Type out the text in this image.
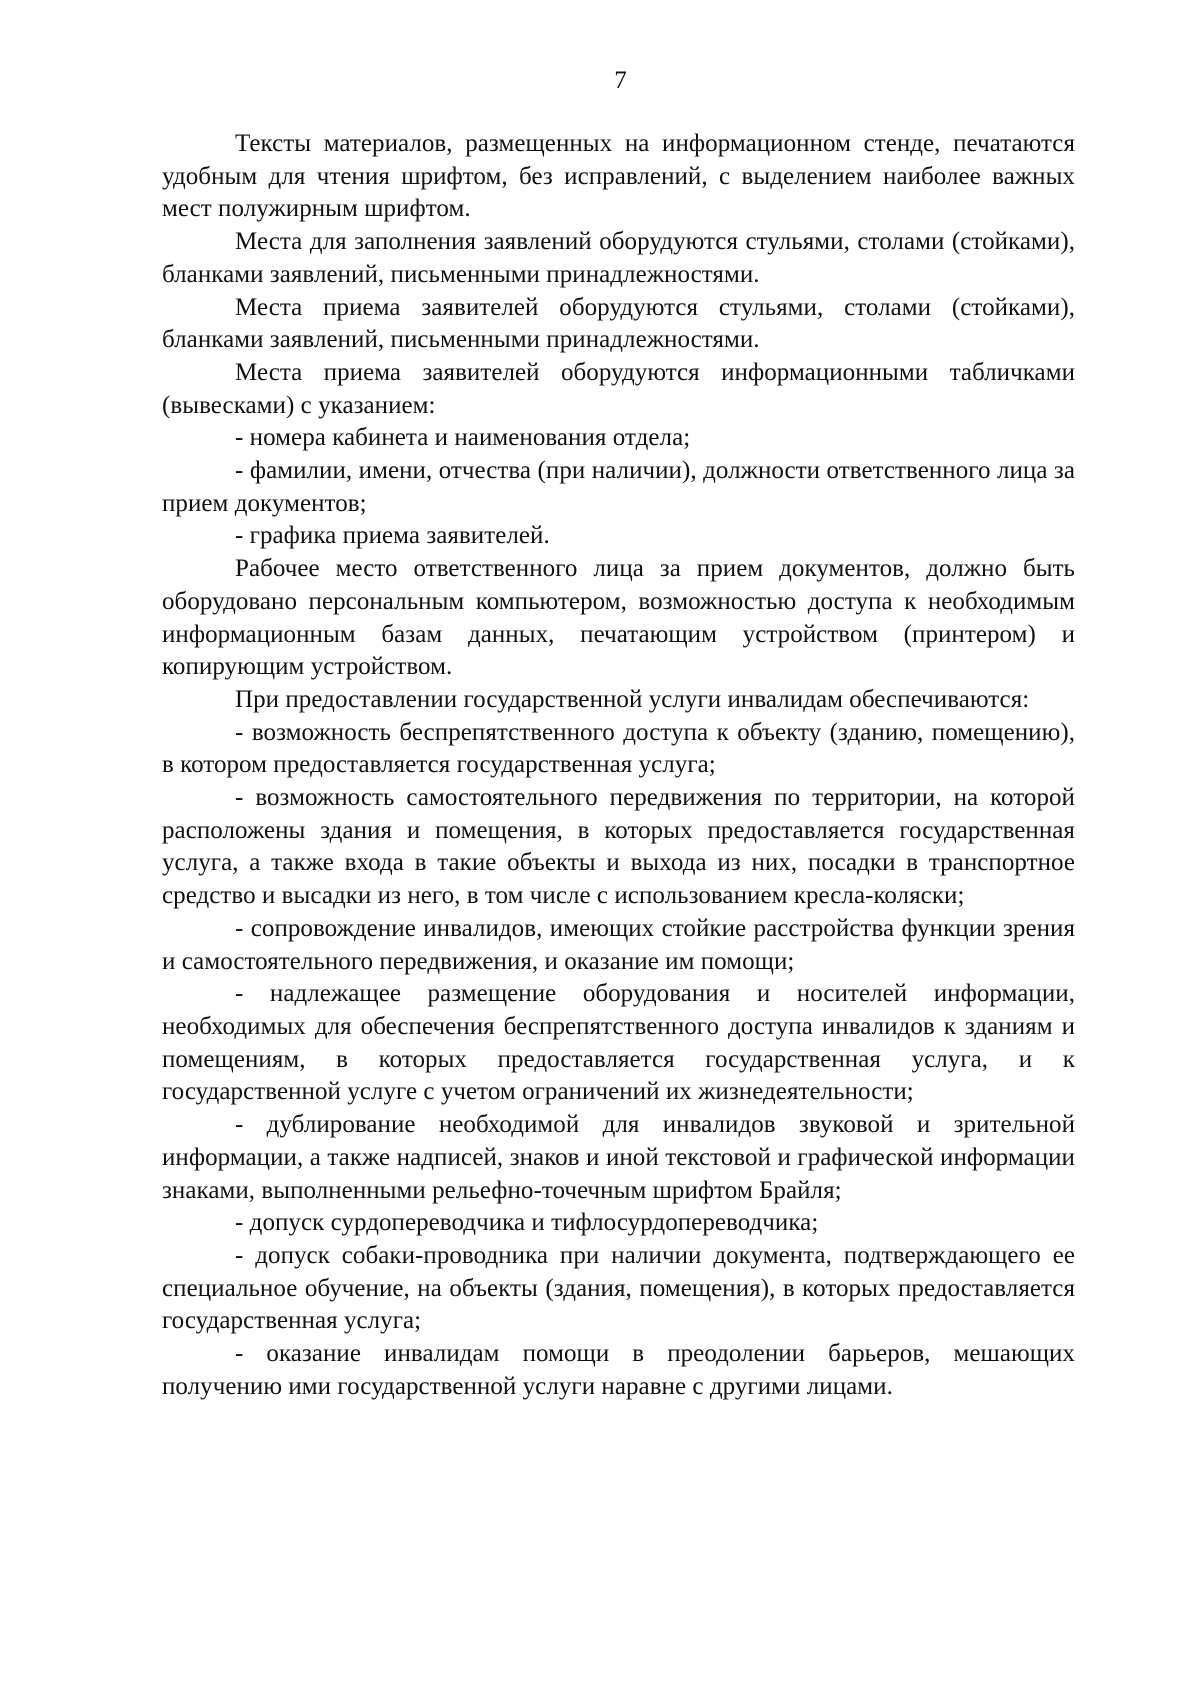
7

Тексты материалов, размещенных на информационном стенде, печатаются удобным для чтения шрифтом, без исправлений, с выделением наиболее важных мест полужирным шрифтом.

Места для заполнения заявлений оборудуются стульями, столами (стойками), бланками заявлений, письменными принадлежностями.

Места приема заявителей оборудуются стульями, столами (стойками), бланками заявлений, письменными принадлежностями.

Места приема заявителей оборудуются информационными табличками (вывесками) с указанием:

- номера кабинета и наименования отдела;

- фамилии, имени, отчества (при наличии), должности ответственного лица за прием документов;

- графика приема заявителей.

Рабочее место ответственного лица за прием документов, должно быть оборудовано персональным компьютером, возможностью доступа к необходимым информационным базам данных, печатающим устройством (принтером) и копирующим устройством.

При предоставлении государственной услуги инвалидам обеспечиваются:

- возможность беспрепятственного доступа к объекту (зданию, помещению), в котором предоставляется государственная услуга;

- возможность самостоятельного передвижения по территории, на которой расположены здания и помещения, в которых предоставляется государственная услуга, а также входа в такие объекты и выхода из них, посадки в транспортное средство и высадки из него, в том числе с использованием кресла-коляски;

- сопровождение инвалидов, имеющих стойкие расстройства функции зрения и самостоятельного передвижения, и оказание им помощи;

- надлежащее размещение оборудования и носителей информации, необходимых для обеспечения беспрепятственного доступа инвалидов к зданиям и помещениям, в которых предоставляется государственная услуга, и к государственной услуге с учетом ограничений их жизнедеятельности;

- дублирование необходимой для инвалидов звуковой и зрительной информации, а также надписей, знаков и иной текстовой и графической информации знаками, выполненными рельефно-точечным шрифтом Брайля;

- допуск сурдопереводчика и тифлосурдопереводчика;

- допуск собаки-проводника при наличии документа, подтверждающего ее специальное обучение, на объекты (здания, помещения), в которых предоставляется государственная услуга;

- оказание инвалидам помощи в преодолении барьеров, мешающих получению ими государственной услуги наравне с другими лицами.
